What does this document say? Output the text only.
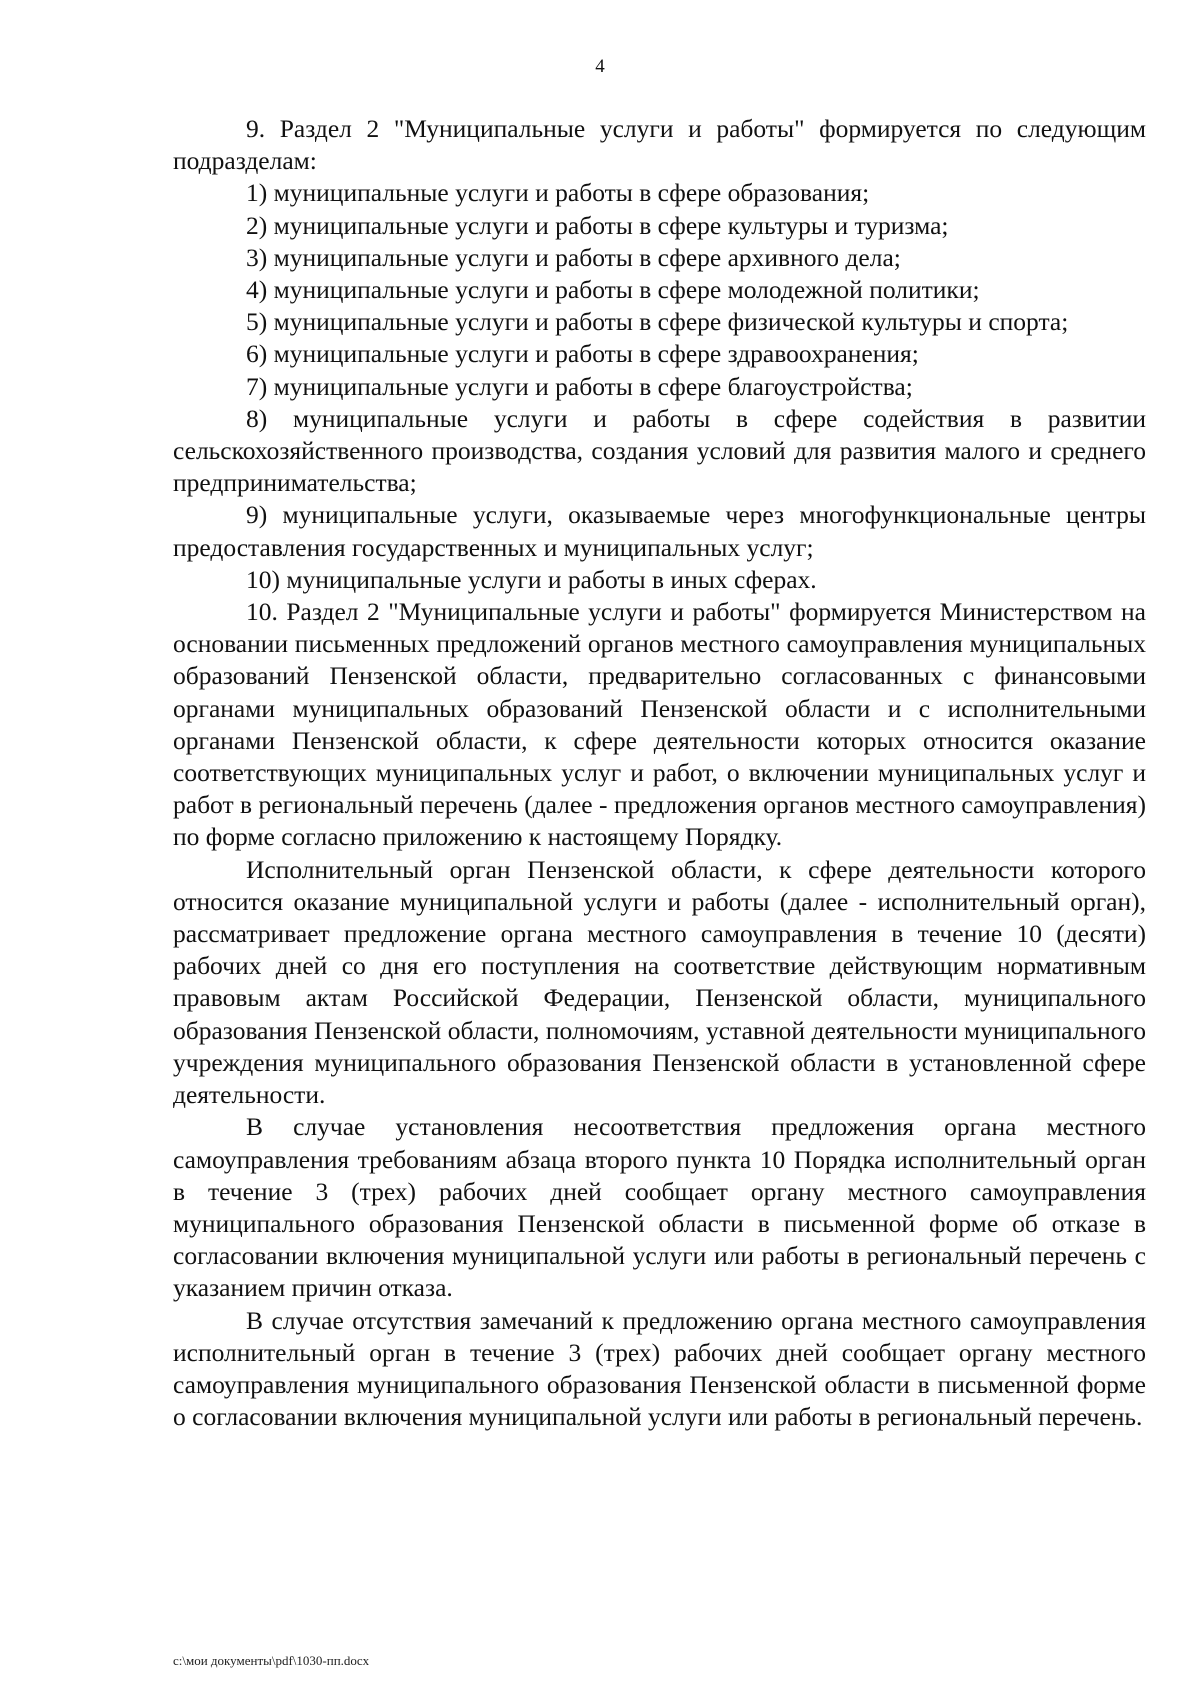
4

9. Раздел 2 "Муниципальные услуги и работы" формируется по следующим подразделам:

1) муниципальные услуги и работы в сфере образования;

2) муниципальные услуги и работы в сфере культуры и туризма;

3) муниципальные услуги и работы в сфере архивного дела;

4) муниципальные услуги и работы в сфере молодежной политики;

5) муниципальные услуги и работы в сфере физической культуры и спорта;

6) муниципальные услуги и работы в сфере здравоохранения;

7) муниципальные услуги и работы в сфере благоустройства;

8) муниципальные услуги и работы в сфере содействия в развитии сельскохозяйственного производства, создания условий для развития малого и среднего предпринимательства;

9) муниципальные услуги, оказываемые через многофункциональные центры предоставления государственных и муниципальных услуг;

10) муниципальные услуги и работы в иных сферах.

10. Раздел 2 "Муниципальные услуги и работы" формируется Министерством на основании письменных предложений органов местного самоуправления муниципальных образований Пензенской области, предварительно согласованных с финансовыми органами муниципальных образований Пензенской области и с исполнительными органами Пензенской области, к сфере деятельности которых относится оказание соответствующих муниципальных услуг и работ, о включении муниципальных услуг и работ в региональный перечень (далее - предложения органов местного самоуправления) по форме согласно приложению к настоящему Порядку.

Исполнительный орган Пензенской области, к сфере деятельности которого относится оказание муниципальной услуги и работы (далее - исполнительный орган), рассматривает предложение органа местного самоуправления в течение 10 (десяти) рабочих дней со дня его поступления на соответствие действующим нормативным правовым актам Российской Федерации, Пензенской области, муниципального образования Пензенской области, полномочиям, уставной деятельности муниципального учреждения муниципального образования Пензенской области в установленной сфере деятельности.

В случае установления несоответствия предложения органа местного самоуправления требованиям абзаца второго пункта 10 Порядка исполнительный орган в течение 3 (трех) рабочих дней сообщает органу местного самоуправления муниципального образования Пензенской области в письменной форме об отказе в согласовании включения муниципальной услуги или работы в региональный перечень с указанием причин отказа.

В случае отсутствия замечаний к предложению органа местного самоуправления исполнительный орган в течение 3 (трех) рабочих дней сообщает органу местного самоуправления муниципального образования Пензенской области в письменной форме о согласовании включения муниципальной услуги или работы в региональный перечень.

c:\мои документы\pdf\1030-пп.docx
